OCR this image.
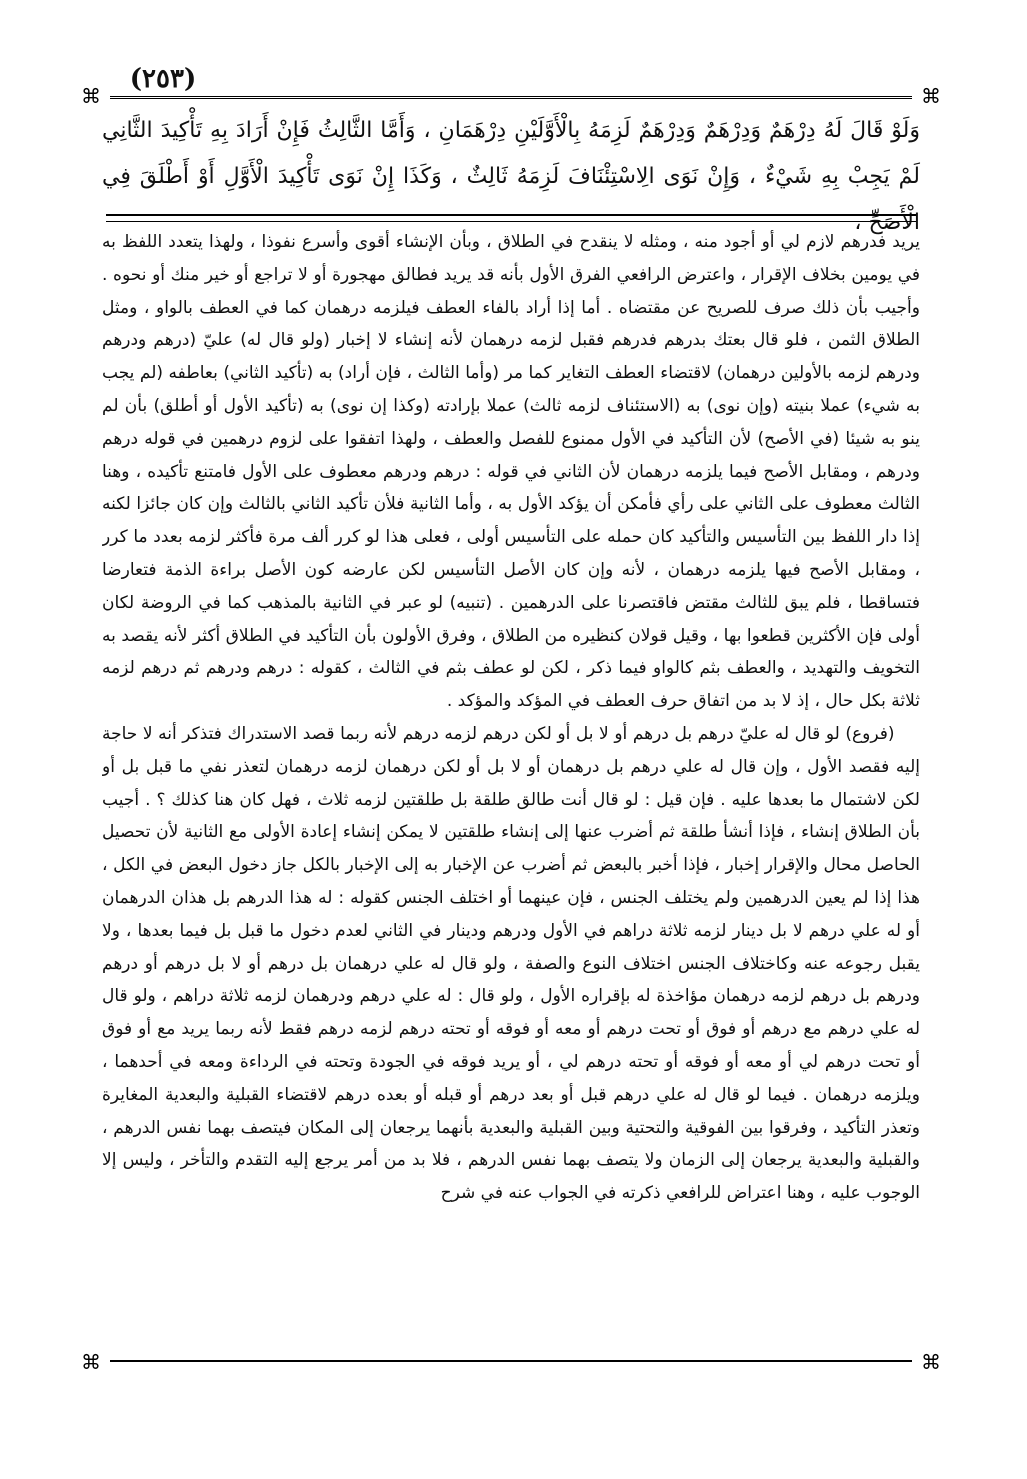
(٢٥٣)
⌘	⌘
⌘	⌘

وَلَوْ قَالَ لَهُ دِرْهَمٌ وَدِرْهَمٌ وَدِرْهَمٌ لَزِمَهُ بِالْأَوَّلَيْنِ دِرْهَمَانِ ، وَأَمَّا الثَّالِثُ فَإِنْ أَرَادَ بِهِ تَأْكِيدَ الثَّانِي لَمْ يَجِبْ بِهِ شَيْءٌ ، وَإِنْ نَوَى الِاسْتِئْنَافَ لَزِمَهُ ثَالِثٌ ، وَكَذَا إِنْ نَوَى تَأْكِيدَ الْأَوَّلِ أَوْ أَطْلَقَ فِي الْأَصَحِّ ،

يريد فدرهم لازم لي أو أجود منه ، ومثله لا ينقدح في الطلاق ، وبأن الإنشاء أقوى وأسرع نفوذا ، ولهذا يتعدد اللفظ به في يومين بخلاف الإقرار ، واعترض الرافعي الفرق الأول بأنه قد يريد فطالق مهجورة أو لا تراجع أو خير منك أو نحوه . وأجيب بأن ذلك صرف للصريح عن مقتضاه . أما إذا أراد بالفاء العطف فيلزمه درهمان كما في العطف بالواو ، ومثل الطلاق الثمن ، فلو قال بعتك بدرهم فدرهم فقبل لزمه درهمان لأنه إنشاء لا إخبار (ولو قال له) عليّ (درهم ودرهم ودرهم لزمه بالأولين درهمان) لاقتضاء العطف التغاير كما مر (وأما الثالث ، فإن أراد) به (تأكيد الثاني) بعاطفه (لم يجب به شيء) عملا بنيته (وإن نوى) به (الاستئناف لزمه ثالث) عملا بإرادته (وكذا إن نوى) به (تأكيد الأول أو أطلق) بأن لم ينو به شيئا (في الأصح) لأن التأكيد في الأول ممنوع للفصل والعطف ، ولهذا اتفقوا على لزوم درهمين في قوله درهم ودرهم ، ومقابل الأصح فيما يلزمه درهمان لأن الثاني في قوله : درهم ودرهم معطوف على الأول فامتنع تأكيده ، وهنا الثالث معطوف على الثاني على رأي فأمكن أن يؤكد الأول به ، وأما الثانية فلأن تأكيد الثاني بالثالث وإن كان جائزا لكنه إذا دار اللفظ بين التأسيس والتأكيد كان حمله على التأسيس أولى ، فعلى هذا لو كرر ألف مرة فأكثر لزمه بعدد ما كرر ، ومقابل الأصح فيها يلزمه درهمان ، لأنه وإن كان الأصل التأسيس لكن عارضه كون الأصل براءة الذمة فتعارضا فتساقطا ، فلم يبق للثالث مقتض فاقتصرنا على الدرهمين . (تنبيه) لو عبر في الثانية بالمذهب كما في الروضة لكان أولى فإن الأكثرين قطعوا بها ، وقيل قولان كنظيره من الطلاق ، وفرق الأولون بأن التأكيد في الطلاق أكثر لأنه يقصد به التخويف والتهديد ، والعطف بثم كالواو فيما ذكر ، لكن لو عطف بثم في الثالث ، كقوله : درهم ودرهم ثم درهم لزمه ثلاثة بكل حال ، إذ لا بد من اتفاق حرف العطف في المؤكد والمؤكد .

(فروع) لو قال له عليّ درهم بل درهم أو لا بل أو لكن درهم لزمه درهم لأنه ربما قصد الاستدراك فتذكر أنه لا حاجة إليه فقصد الأول ، وإن قال له علي درهم بل درهمان أو لا بل أو لكن درهمان لزمه درهمان لتعذر نفي ما قبل بل أو لكن لاشتمال ما بعدها عليه . فإن قيل : لو قال أنت طالق طلقة بل طلقتين لزمه ثلاث ، فهل كان هنا كذلك ؟ . أجيب بأن الطلاق إنشاء ، فإذا أنشأ طلقة ثم أضرب عنها إلى إنشاء طلقتين لا يمكن إنشاء إعادة الأولى مع الثانية لأن تحصيل الحاصل محال والإقرار إخبار ، فإذا أخبر بالبعض ثم أضرب عن الإخبار به إلى الإخبار بالكل جاز دخول البعض في الكل ، هذا إذا لم يعين الدرهمين ولم يختلف الجنس ، فإن عينهما أو اختلف الجنس كقوله : له هذا الدرهم بل هذان الدرهمان أو له علي درهم لا بل دينار لزمه ثلاثة دراهم في الأول ودرهم ودينار في الثاني لعدم دخول ما قبل بل فيما بعدها ، ولا يقبل رجوعه عنه وكاختلاف الجنس اختلاف النوع والصفة ، ولو قال له علي درهمان بل درهم أو لا بل درهم أو درهم ودرهم بل درهم لزمه درهمان مؤاخذة له بإقراره الأول ، ولو قال : له علي درهم ودرهمان لزمه ثلاثة دراهم ، ولو قال له علي درهم مع درهم أو فوق أو تحت درهم أو معه أو فوقه أو تحته درهم لزمه درهم فقط لأنه ربما يريد مع أو فوق أو تحت درهم لي أو معه أو فوقه أو تحته درهم لي ، أو يريد فوقه في الجودة وتحته في الرداءة ومعه في أحدهما ، ويلزمه درهمان . فيما لو قال له علي درهم قبل أو بعد درهم أو قبله أو بعده درهم لاقتضاء القبلية والبعدية المغايرة وتعذر التأكيد ، وفرقوا بين الفوقية والتحتية وبين القبلية والبعدية بأنهما يرجعان إلى المكان فيتصف بهما نفس الدرهم ، والقبلية والبعدية يرجعان إلى الزمان ولا يتصف بهما نفس الدرهم ، فلا بد من أمر يرجع إليه التقدم والتأخر ، وليس إلا الوجوب عليه ، وهنا اعتراض للرافعي ذكرته في الجواب عنه في شرح
